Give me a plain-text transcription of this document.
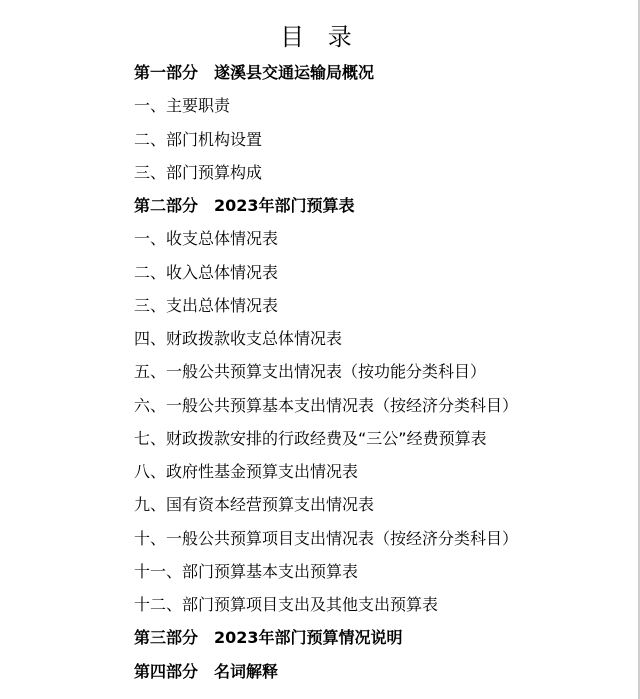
目 录
第一部分　遂溪县交通运输局概况
一、主要职责
二、部门机构设置
三、部门预算构成
第二部分　2023年部门预算表
一、收支总体情况表
二、收入总体情况表
三、支出总体情况表
四、财政拨款收支总体情况表
五、一般公共预算支出情况表（按功能分类科目）
六、一般公共预算基本支出情况表（按经济分类科目）
七、财政拨款安排的行政经费及“三公”经费预算表
八、政府性基金预算支出情况表
九、国有资本经营预算支出情况表
十、一般公共预算项目支出情况表（按经济分类科目）
十一、部门预算基本支出预算表
十二、部门预算项目支出及其他支出预算表
第三部分　2023年部门预算情况说明
第四部分　名词解释
